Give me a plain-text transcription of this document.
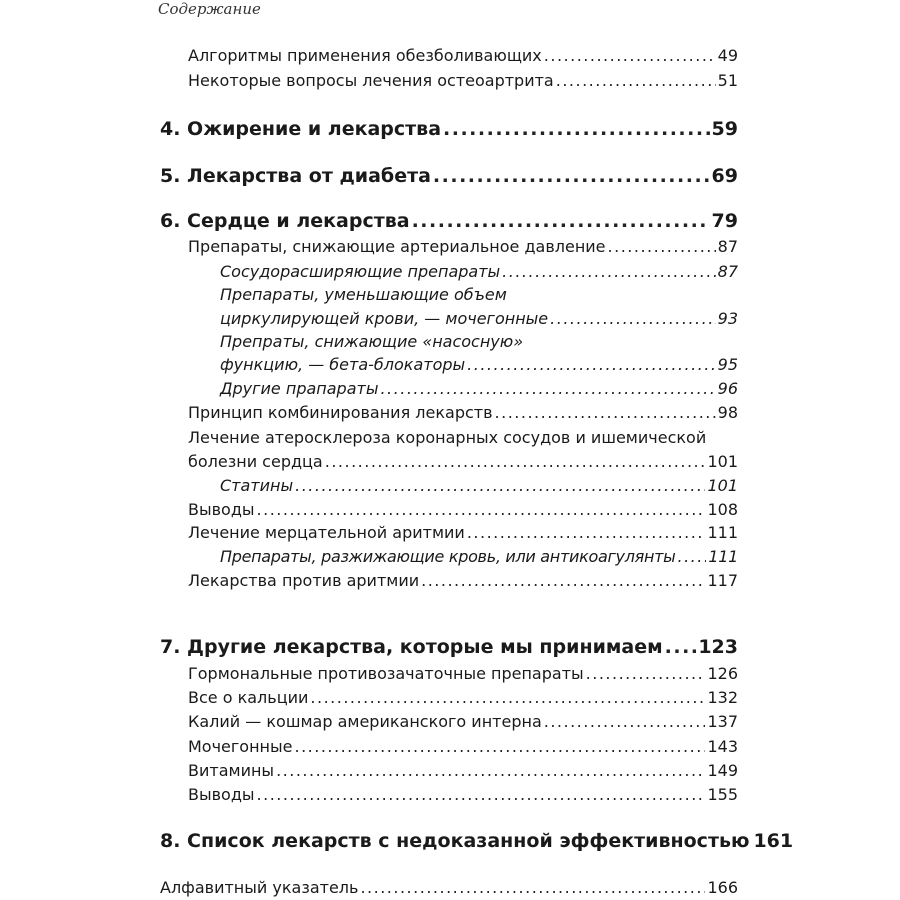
Содержание
Алгоритмы применения обезболивающих .....	49
Некоторые вопросы лечения остеоартрита .....	51
4. Ожирение и лекарства .....	59
5. Лекарства от диабета .....	69
6. Сердце и лекарства .....	79
Препараты, снижающие артериальное давление .....	87
Сосудорасширяющие препараты .....	87
Препараты, уменьшающие объем
циркулирующей крови, — мочегонные .....	93
Препраты, снижающие «насосную»
функцию, — бета-блокаторы .....	95
Другие прапараты .....	96
Принцип комбинирования лекарств .....	98
Лечение атеросклероза коронарных сосудов и ишемической
болезни сердца .....	101
Статины .....	101
Выводы .....	108
Лечение мерцательной аритмии .....	111
Препараты, разжижающие кровь, или антикоагулянты ..... 111
Лекарства против аритмии .....	117
7. Другие лекарства, которые мы принимаем ..... 123
Гормональные противозачаточные препараты .....	126
Все о кальции .....	132
Калий — кошмар американского интерна .....	137
Мочегонные .....	143
Витамины .....	149
Выводы .....	155
8. Список лекарств с недоказанной эффективностью 161
Алфавитный указатель .....	166
